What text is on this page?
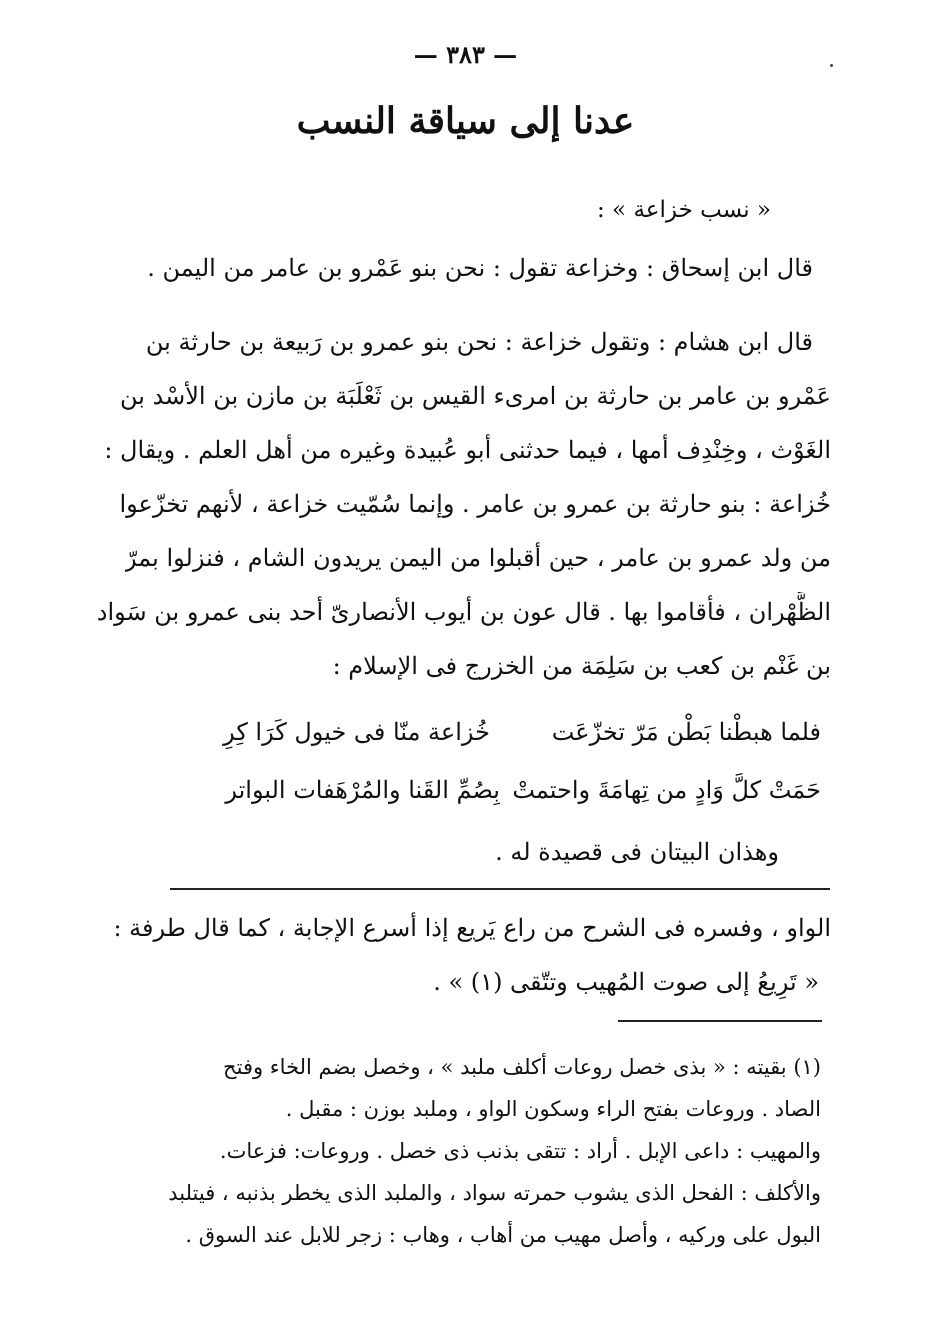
— ٣٨٣ —
عدنا إلى سياقة النسب
« نسب خزاعة » :
قال ابن إسحاق : وخزاعة تقول : نحن بنو عَمْرو بن عامر من اليمن .
قال ابن هشام : وتقول خزاعة : نحن بنو عمرو بن رَبيعة بن حارثة بن
عَمْرو بن عامر بن حارثة بن امرىء القيس بن ثَعْلَبَة بن مازن بن الأسْد بن
الغَوْث ، وخِنْدِف أمها ، فيما حدثنى أبو عُبيدة وغيره من أهل العلم . ويقال :
خُزاعة : بنو حارثة بن عمرو بن عامر . وإنما سُمّيت خزاعة ، لأنهم تخزّعوا
من ولد عمرو بن عامر ، حين أقبلوا من اليمن يريدون الشام ، فنزلوا بمرّ
الظَّهْران ، فأقاموا بها . قال عون بن أيوب الأنصارىّ أحد بنى عمرو بن سَواد
بن غَنْم بن كعب بن سَلِمَة من الخزرج فى الإسلام :
فلما هبطْنا بَطْن مَرّ تخزّعَت
خُزاعة منّا فى خيول كَرَا كِرِ
حَمَتْ كلَّ وَادٍ من تِهامَةَ واحتمتْ
بِصُمِّ القَنا والمُرْهَفات البواتر
وهذان البيتان فى قصيدة له .
الواو ، وفسره فى الشرح من راع يَريع إذا أسرع الإجابة ، كما قال طرفة :
« تَرِيعُ إلى صوت المُهيب وتتّقى (١) » .
(١) بقيته : « بذى خصل روعات أكلف ملبد » ، وخصل بضم الخاء وفتح
الصاد . وروعات بفتح الراء وسكون الواو ، وملبد بوزن : مقبل .
والمهيب : داعى الإبل . أراد : تتقى بذنب ذى خصل . وروعات: فزعات.
والأكلف : الفحل الذى يشوب حمرته سواد ، والملبد الذى يخطر بذنبه ، فيتلبد
البول على وركيه ، وأصل مهيب من أهاب ، وهاب : زجر للابل عند السوق .
